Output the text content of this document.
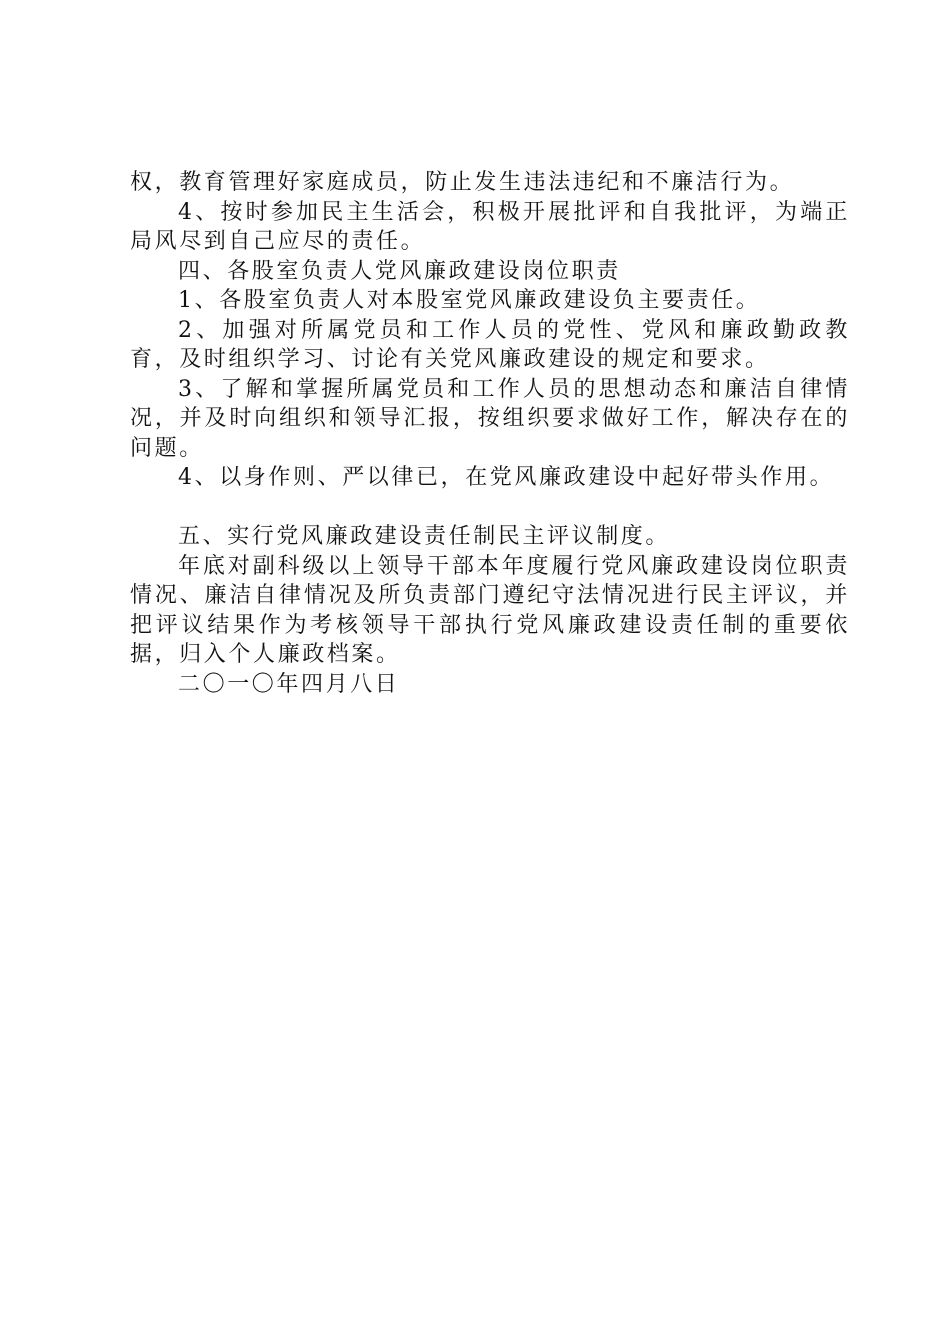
权，教育管理好家庭成员，防止发生违法违纪和不廉洁行为。

4、按时参加民主生活会，积极开展批评和自我批评，为端正局风尽到自己应尽的责任。

四、各股室负责人党风廉政建设岗位职责

1、各股室负责人对本股室党风廉政建设负主要责任。

2、加强对所属党员和工作人员的党性、党风和廉政勤政教育，及时组织学习、讨论有关党风廉政建设的规定和要求。

3、了解和掌握所属党员和工作人员的思想动态和廉洁自律情况，并及时向组织和领导汇报，按组织要求做好工作，解决存在的问题。

4、以身作则、严以律已，在党风廉政建设中起好带头作用。

五、实行党风廉政建设责任制民主评议制度。

年底对副科级以上领导干部本年度履行党风廉政建设岗位职责情况、廉洁自律情况及所负责部门遵纪守法情况进行民主评议，并把评议结果作为考核领导干部执行党风廉政建设责任制的重要依据，归入个人廉政档案。

二〇一〇年四月八日
